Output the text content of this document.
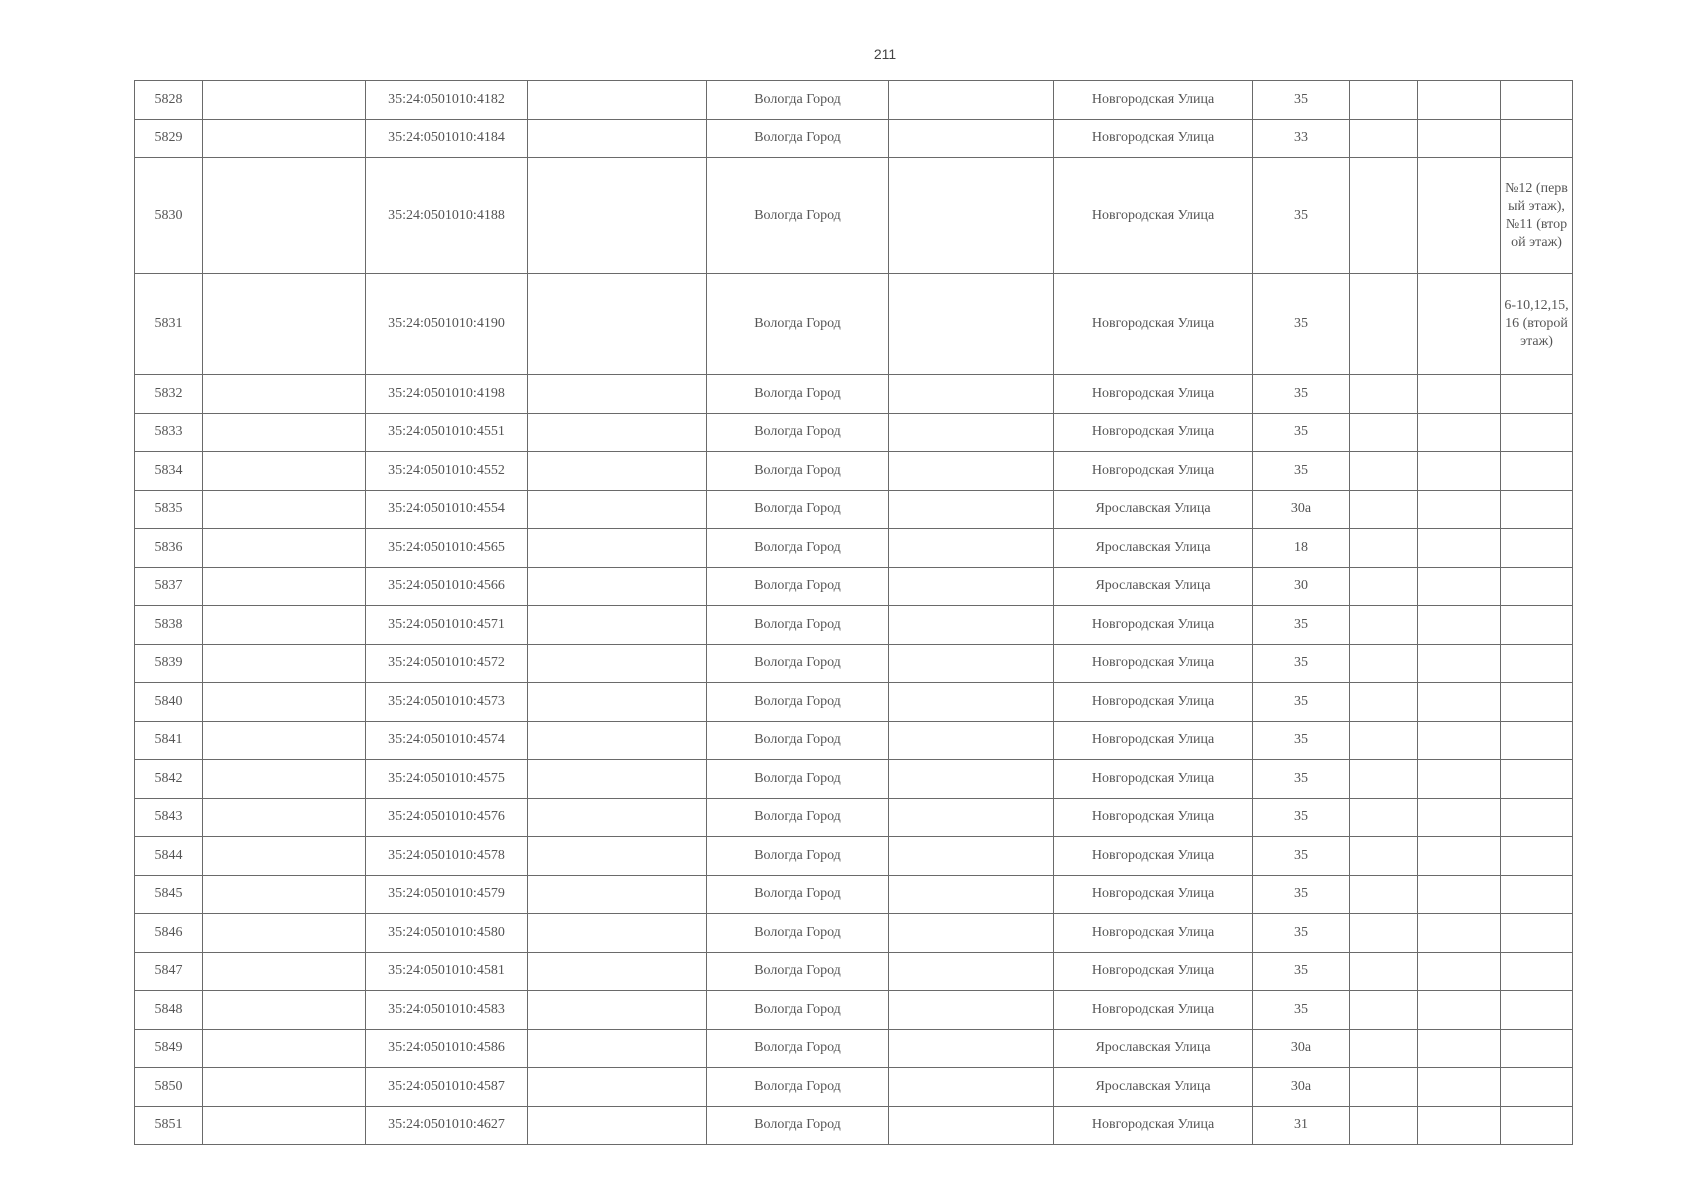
211
5828		35:24:0501010:4182		Вологда Город		Новгородская Улица	35			
5829		35:24:0501010:4184		Вологда Город		Новгородская Улица	33			
5830		35:24:0501010:4188		Вологда Город		Новгородская Улица	35			№12 (первый этаж), №11 (второй этаж)
5831		35:24:0501010:4190		Вологда Город		Новгородская Улица	35			6-10,12,15,16 (второй этаж)
5832		35:24:0501010:4198		Вологда Город		Новгородская Улица	35			
5833		35:24:0501010:4551		Вологда Город		Новгородская Улица	35			
5834		35:24:0501010:4552		Вологда Город		Новгородская Улица	35			
5835		35:24:0501010:4554		Вологда Город		Ярославская Улица	30а			
5836		35:24:0501010:4565		Вологда Город		Ярославская Улица	18			
5837		35:24:0501010:4566		Вологда Город		Ярославская Улица	30			
5838		35:24:0501010:4571		Вологда Город		Новгородская Улица	35			
5839		35:24:0501010:4572		Вологда Город		Новгородская Улица	35			
5840		35:24:0501010:4573		Вологда Город		Новгородская Улица	35			
5841		35:24:0501010:4574		Вологда Город		Новгородская Улица	35			
5842		35:24:0501010:4575		Вологда Город		Новгородская Улица	35			
5843		35:24:0501010:4576		Вологда Город		Новгородская Улица	35			
5844		35:24:0501010:4578		Вологда Город		Новгородская Улица	35			
5845		35:24:0501010:4579		Вологда Город		Новгородская Улица	35			
5846		35:24:0501010:4580		Вологда Город		Новгородская Улица	35			
5847		35:24:0501010:4581		Вологда Город		Новгородская Улица	35			
5848		35:24:0501010:4583		Вологда Город		Новгородская Улица	35			
5849		35:24:0501010:4586		Вологда Город		Ярославская Улица	30а			
5850		35:24:0501010:4587		Вологда Город		Ярославская Улица	30а			
5851		35:24:0501010:4627		Вологда Город		Новгородская Улица	31			
